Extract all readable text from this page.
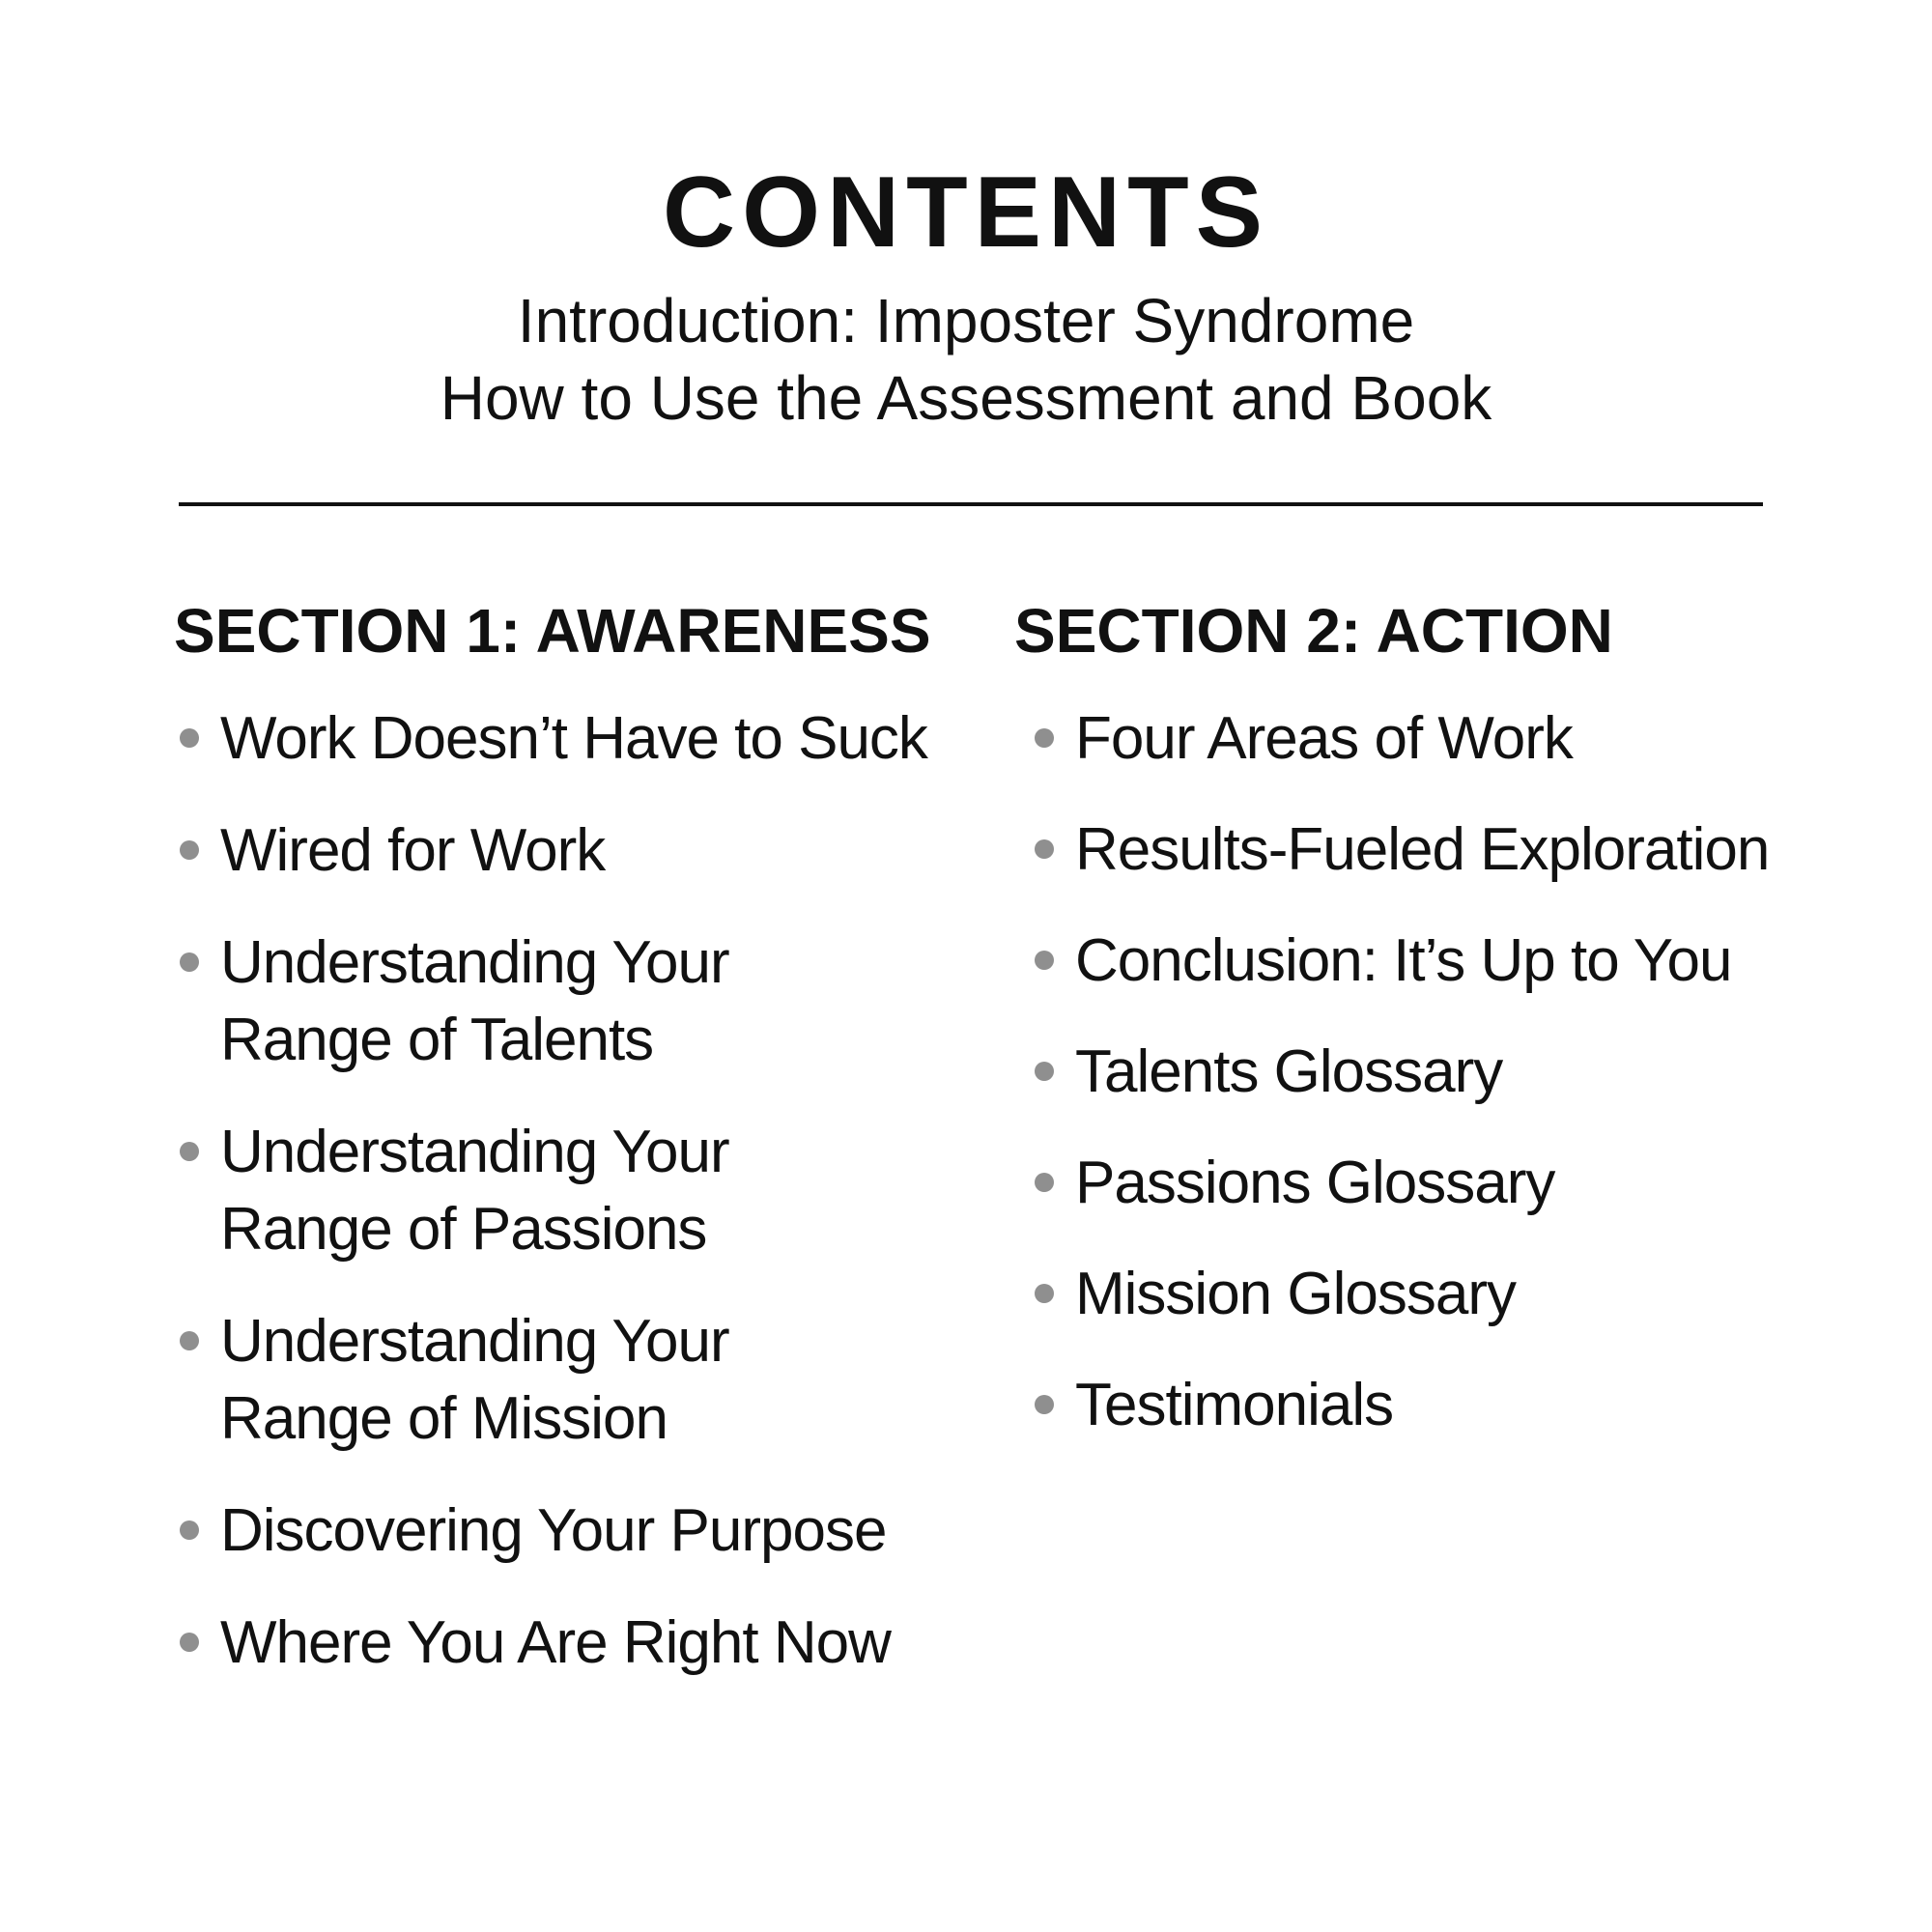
CONTENTS
Introduction: Imposter Syndrome
How to Use the Assessment and Book
SECTION 1: AWARENESS SECTION 2: ACTION
Work Doesn’t Have to Suck
Wired for Work
Understanding Your
Range of Talents
Understanding Your
Range of Passions
Understanding Your
Range of Mission
Discovering Your Purpose
Where You Are Right Now
Four Areas of Work
Results-Fueled Exploration
Conclusion: It’s Up to You
Talents Glossary
Passions Glossary
Mission Glossary
Testimonials
